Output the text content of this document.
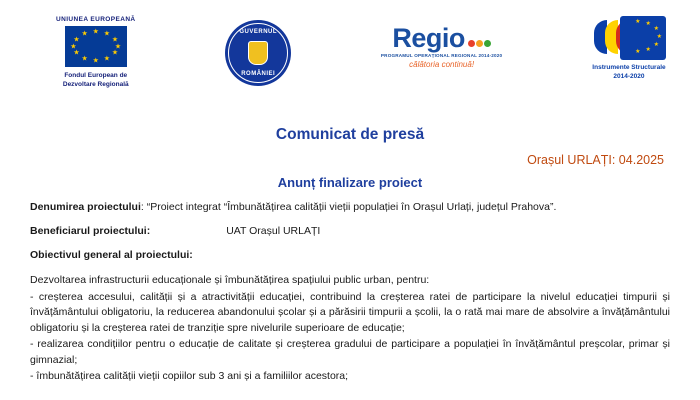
UNIUNEA EUROPEANĂ
★ ★
★
★
★
★
★
★
★
★
★
★
Fondul European de
Dezvoltare Regională
GUVERNUL
ROMÂNIEI
Regio
PROGRAMUL OPERAȚIONAL REGIONAL 2014-2020
călătoria continuă!
★
★
★
★
★
★
★
Instrumente Structurale
2014-2020
Comunicat de presă
Orașul URLAȚI: 04.2025
Anunț finalizare proiect
Denumirea proiectului: “Proiect integrat “Îmbunătățirea calității vieții populației în Orașul Urlați, județul Prahova”.
Beneficiarul proiectului:	UAT Orașul URLAȚI
Obiectivul general al proiectului:

Dezvoltarea infrastructurii educaționale și îmbunătățirea spațiului public urban, pentru:

- creșterea accesului, calității și a atractivității educației, contribuind la creșterea ratei de participare la nivelul educației timpurii și învățământului obligatoriu, la reducerea abandonului școlar și a părăsirii timpurii a școlii, la o rată mai mare de absolvire a învățământului obligatoriu și la creșterea ratei de tranziție spre nivelurile superioare de educație;

- realizarea condițiilor pentru o educație de calitate și creșterea gradului de participare a populației în învățământul preșcolar, primar și gimnazial;

- îmbunătățirea calității vieții copiilor sub 3 ani și a familiilor acestora;
